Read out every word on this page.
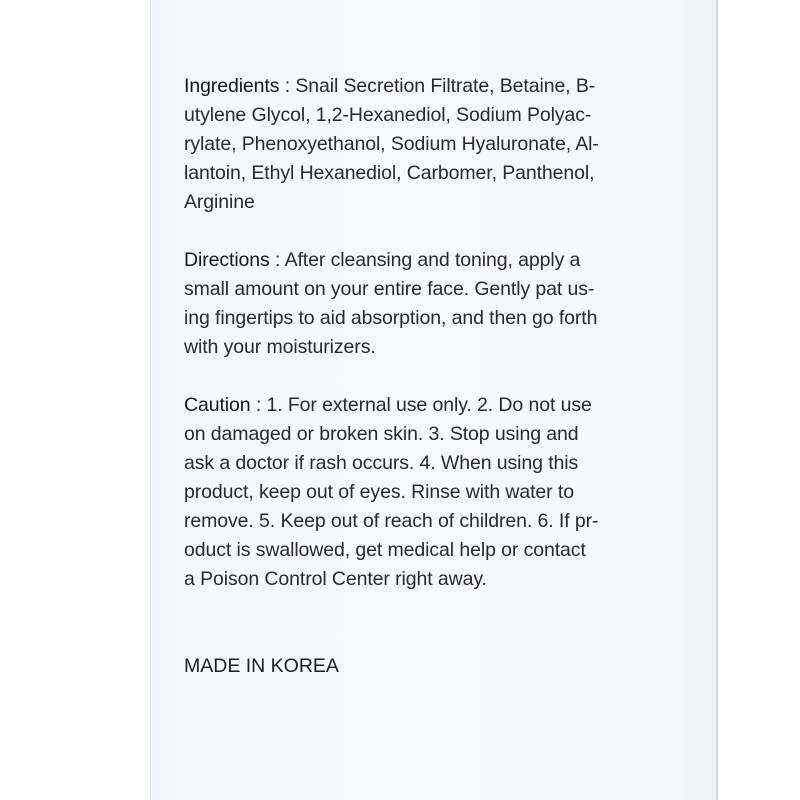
Ingredients : Snail Secretion Filtrate, Betaine, B-
utylene Glycol, 1,2-Hexanediol, Sodium Polyac-
rylate, Phenoxyethanol, Sodium Hyaluronate, Al-
lantoin, Ethyl Hexanediol, Carbomer, Panthenol,
Arginine

Directions : After cleansing and toning, apply a
small amount on your entire face. Gently pat us-
ing fingertips to aid absorption, and then go forth
with your moisturizers.

Caution : 1. For external use only. 2. Do not use
on damaged or broken skin. 3. Stop using and
ask a doctor if rash occurs. 4. When using this
product, keep out of eyes. Rinse with water to
remove. 5. Keep out of reach of children. 6. If pr-
oduct is swallowed, get medical help or contact
a Poison Control Center right away.

MADE IN KOREA
